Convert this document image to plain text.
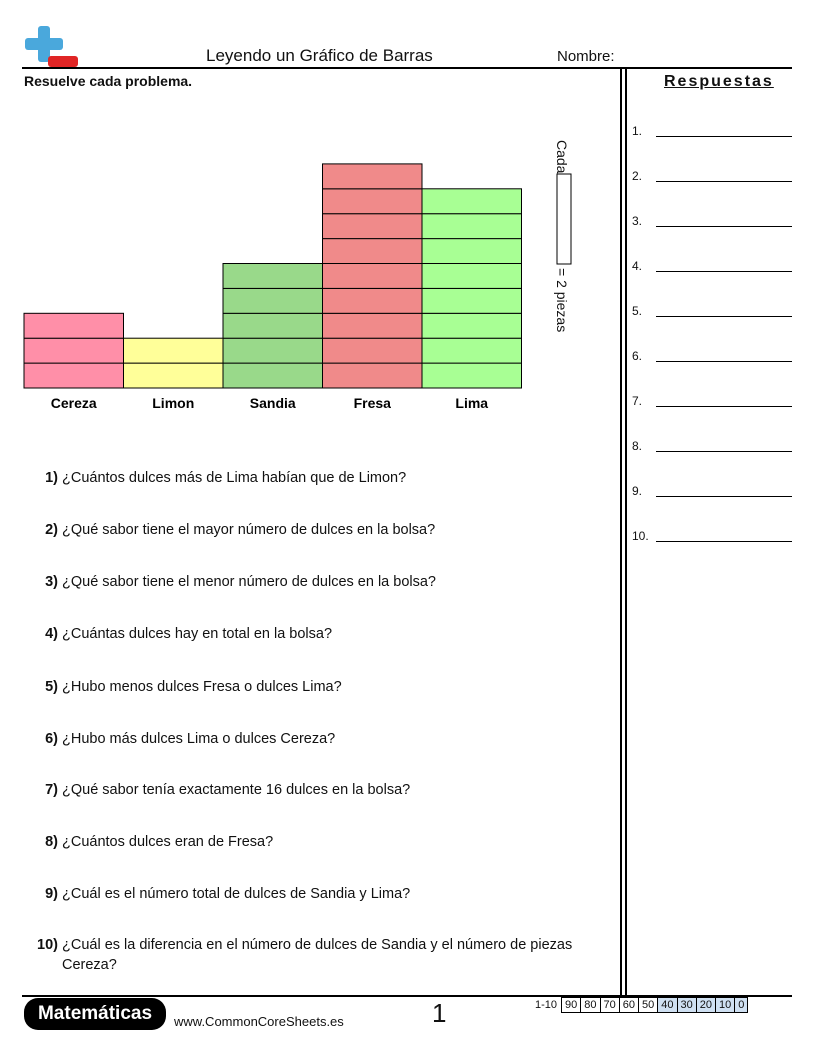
Leyendo un Gráfico de Barras	Nombre:
Resuelve cada problema.	Respuestas
1.
2.
3.
4.
5.
6.
7.
8.
9.
10.
Cereza	Limon	Sandia	Fresa	Lima
Cada
= 2 piezas
1) ¿Cuántos dulces más de Lima habían que de Limon?
2) ¿Qué sabor tiene el mayor número de dulces en la bolsa?
3) ¿Qué sabor tiene el menor número de dulces en la bolsa?
4) ¿Cuántas dulces hay en total en la bolsa?
5) ¿Hubo menos dulces Fresa o dulces Lima?
6) ¿Hubo más dulces Lima o dulces Cereza?
7) ¿Qué sabor tenía exactamente 16 dulces en la bolsa?
8) ¿Cuántos dulces eran de Fresa?
9) ¿Cuál es el número total de dulces de Sandia y Lima?
10) ¿Cuál es la diferencia en el número de dulces de Sandia y el número de piezas Cereza?
Matemáticas	www.CommonCoreSheets.es	1	1-10	90	80	70	60	50	40	30	20	10	0
